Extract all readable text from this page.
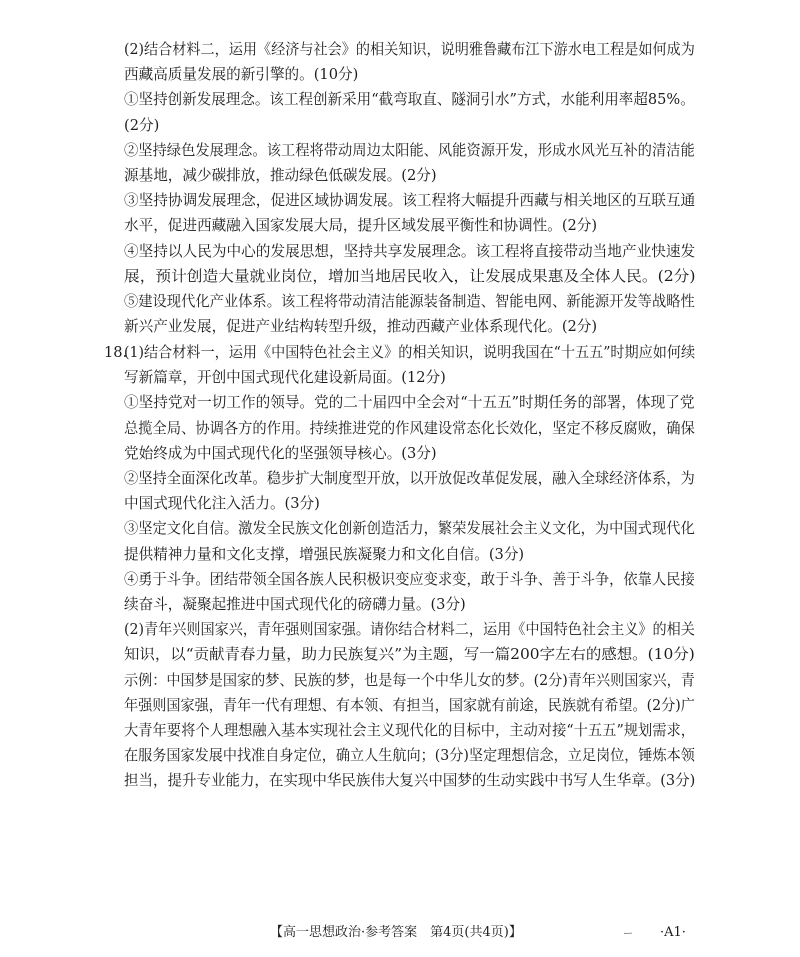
(2)结合材料二，运用《经济与社会》的相关知识，说明雅鲁藏布江下游水电工程是如何成为
西藏高质量发展的新引擎的。(10分)
①坚持创新发展理念。该工程创新采用“截弯取直、隧洞引水”方式，水能利用率超85%。
(2分)
②坚持绿色发展理念。该工程将带动周边太阳能、风能资源开发，形成水风光互补的清洁能
源基地，减少碳排放，推动绿色低碳发展。(2分)
③坚持协调发展理念，促进区域协调发展。该工程将大幅提升西藏与相关地区的互联互通
水平，促进西藏融入国家发展大局，提升区域发展平衡性和协调性。(2分)
④坚持以人民为中心的发展思想，坚持共享发展理念。该工程将直接带动当地产业快速发
展，预计创造大量就业岗位，增加当地居民收入，让发展成果惠及全体人民。(2分)
⑤建设现代化产业体系。该工程将带动清洁能源装备制造、智能电网、新能源开发等战略性
新兴产业发展，促进产业结构转型升级，推动西藏产业体系现代化。(2分)
18.
(1)结合材料一，运用《中国特色社会主义》的相关知识，说明我国在“十五五”时期应如何续
写新篇章，开创中国式现代化建设新局面。(12分)
①坚持党对一切工作的领导。党的二十届四中全会对“十五五”时期任务的部署，体现了党
总揽全局、协调各方的作用。持续推进党的作风建设常态化长效化，坚定不移反腐败，确保
党始终成为中国式现代化的坚强领导核心。(3分)
②坚持全面深化改革。稳步扩大制度型开放，以开放促改革促发展，融入全球经济体系，为
中国式现代化注入活力。(3分)
③坚定文化自信。激发全民族文化创新创造活力，繁荣发展社会主义文化，为中国式现代化
提供精神力量和文化支撑，增强民族凝聚力和文化自信。(3分)
④勇于斗争。团结带领全国各族人民积极识变应变求变，敢于斗争、善于斗争，依靠人民接
续奋斗，凝聚起推进中国式现代化的磅礴力量。(3分)
(2)青年兴则国家兴，青年强则国家强。请你结合材料二，运用《中国特色社会主义》的相关
知识，以“贡献青春力量，助力民族复兴”为主题，写一篇200字左右的感想。(10分)
示例：中国梦是国家的梦、民族的梦，也是每一个中华儿女的梦。(2分)青年兴则国家兴，青
年强则国家强，青年一代有理想、有本领、有担当，国家就有前途，民族就有希望。(2分)广
大青年要将个人理想融入基本实现社会主义现代化的目标中，主动对接“十五五”规划需求，
在服务国家发展中找准自身定位，确立人生航向；(3分)坚定理想信念，立足岗位，锤炼本领
担当，提升专业能力，在实现中华民族伟大复兴中国梦的生动实践中书写人生华章。(3分)
【高一思想政治·参考答案　第4页(共4页)】	ー ·A1·
